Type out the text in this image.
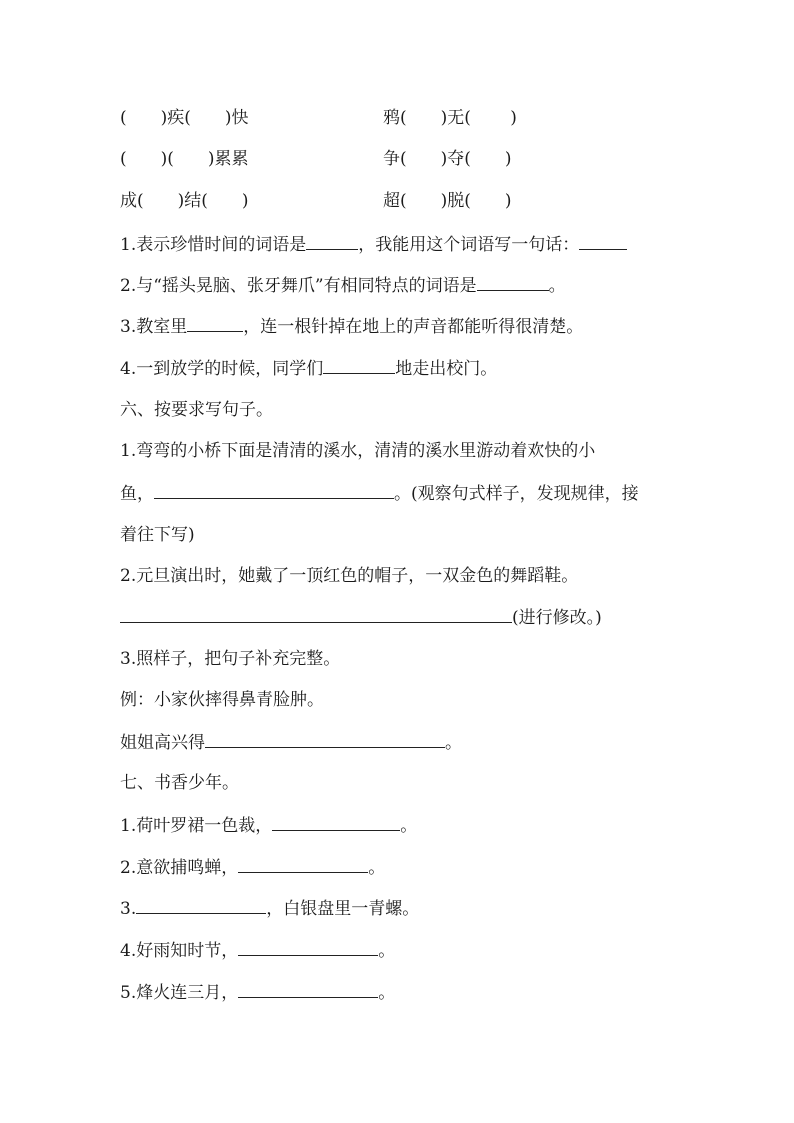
(　　)疾(　　)快	鸦(　　)无(　　 )
(　　)(　　)累累	争(　　)夺(　　)
成(　　)结(　　)	超(　　)脱(　　)
1.表示珍惜时间的词语是	，我能用这个词语写一句话：
2.与“摇头晃脑、张牙舞爪”有相同特点的词语是	。
3.教室里	，连一根针掉在地上的声音都能听得很清楚。
4.一到放学的时候，同学们	地走出校门。
六、按要求写句子。
1.弯弯的小桥下面是清清的溪水，清清的溪水里游动着欢快的小
鱼，	。(观察句式样子，发现规律，接
着往下写)
2.元旦演出时，她戴了一顶红色的帽子，一双金色的舞蹈鞋。
(进行修改。)
3.照样子，把句子补充完整。
例：小家伙摔得鼻青脸肿。
姐姐高兴得	。
七、书香少年。
1.荷叶罗裙一色裁，	。
2.意欲捕鸣蝉，	。
3.	，白银盘里一青螺。
4.好雨知时节，	。
5.烽火连三月，	。
